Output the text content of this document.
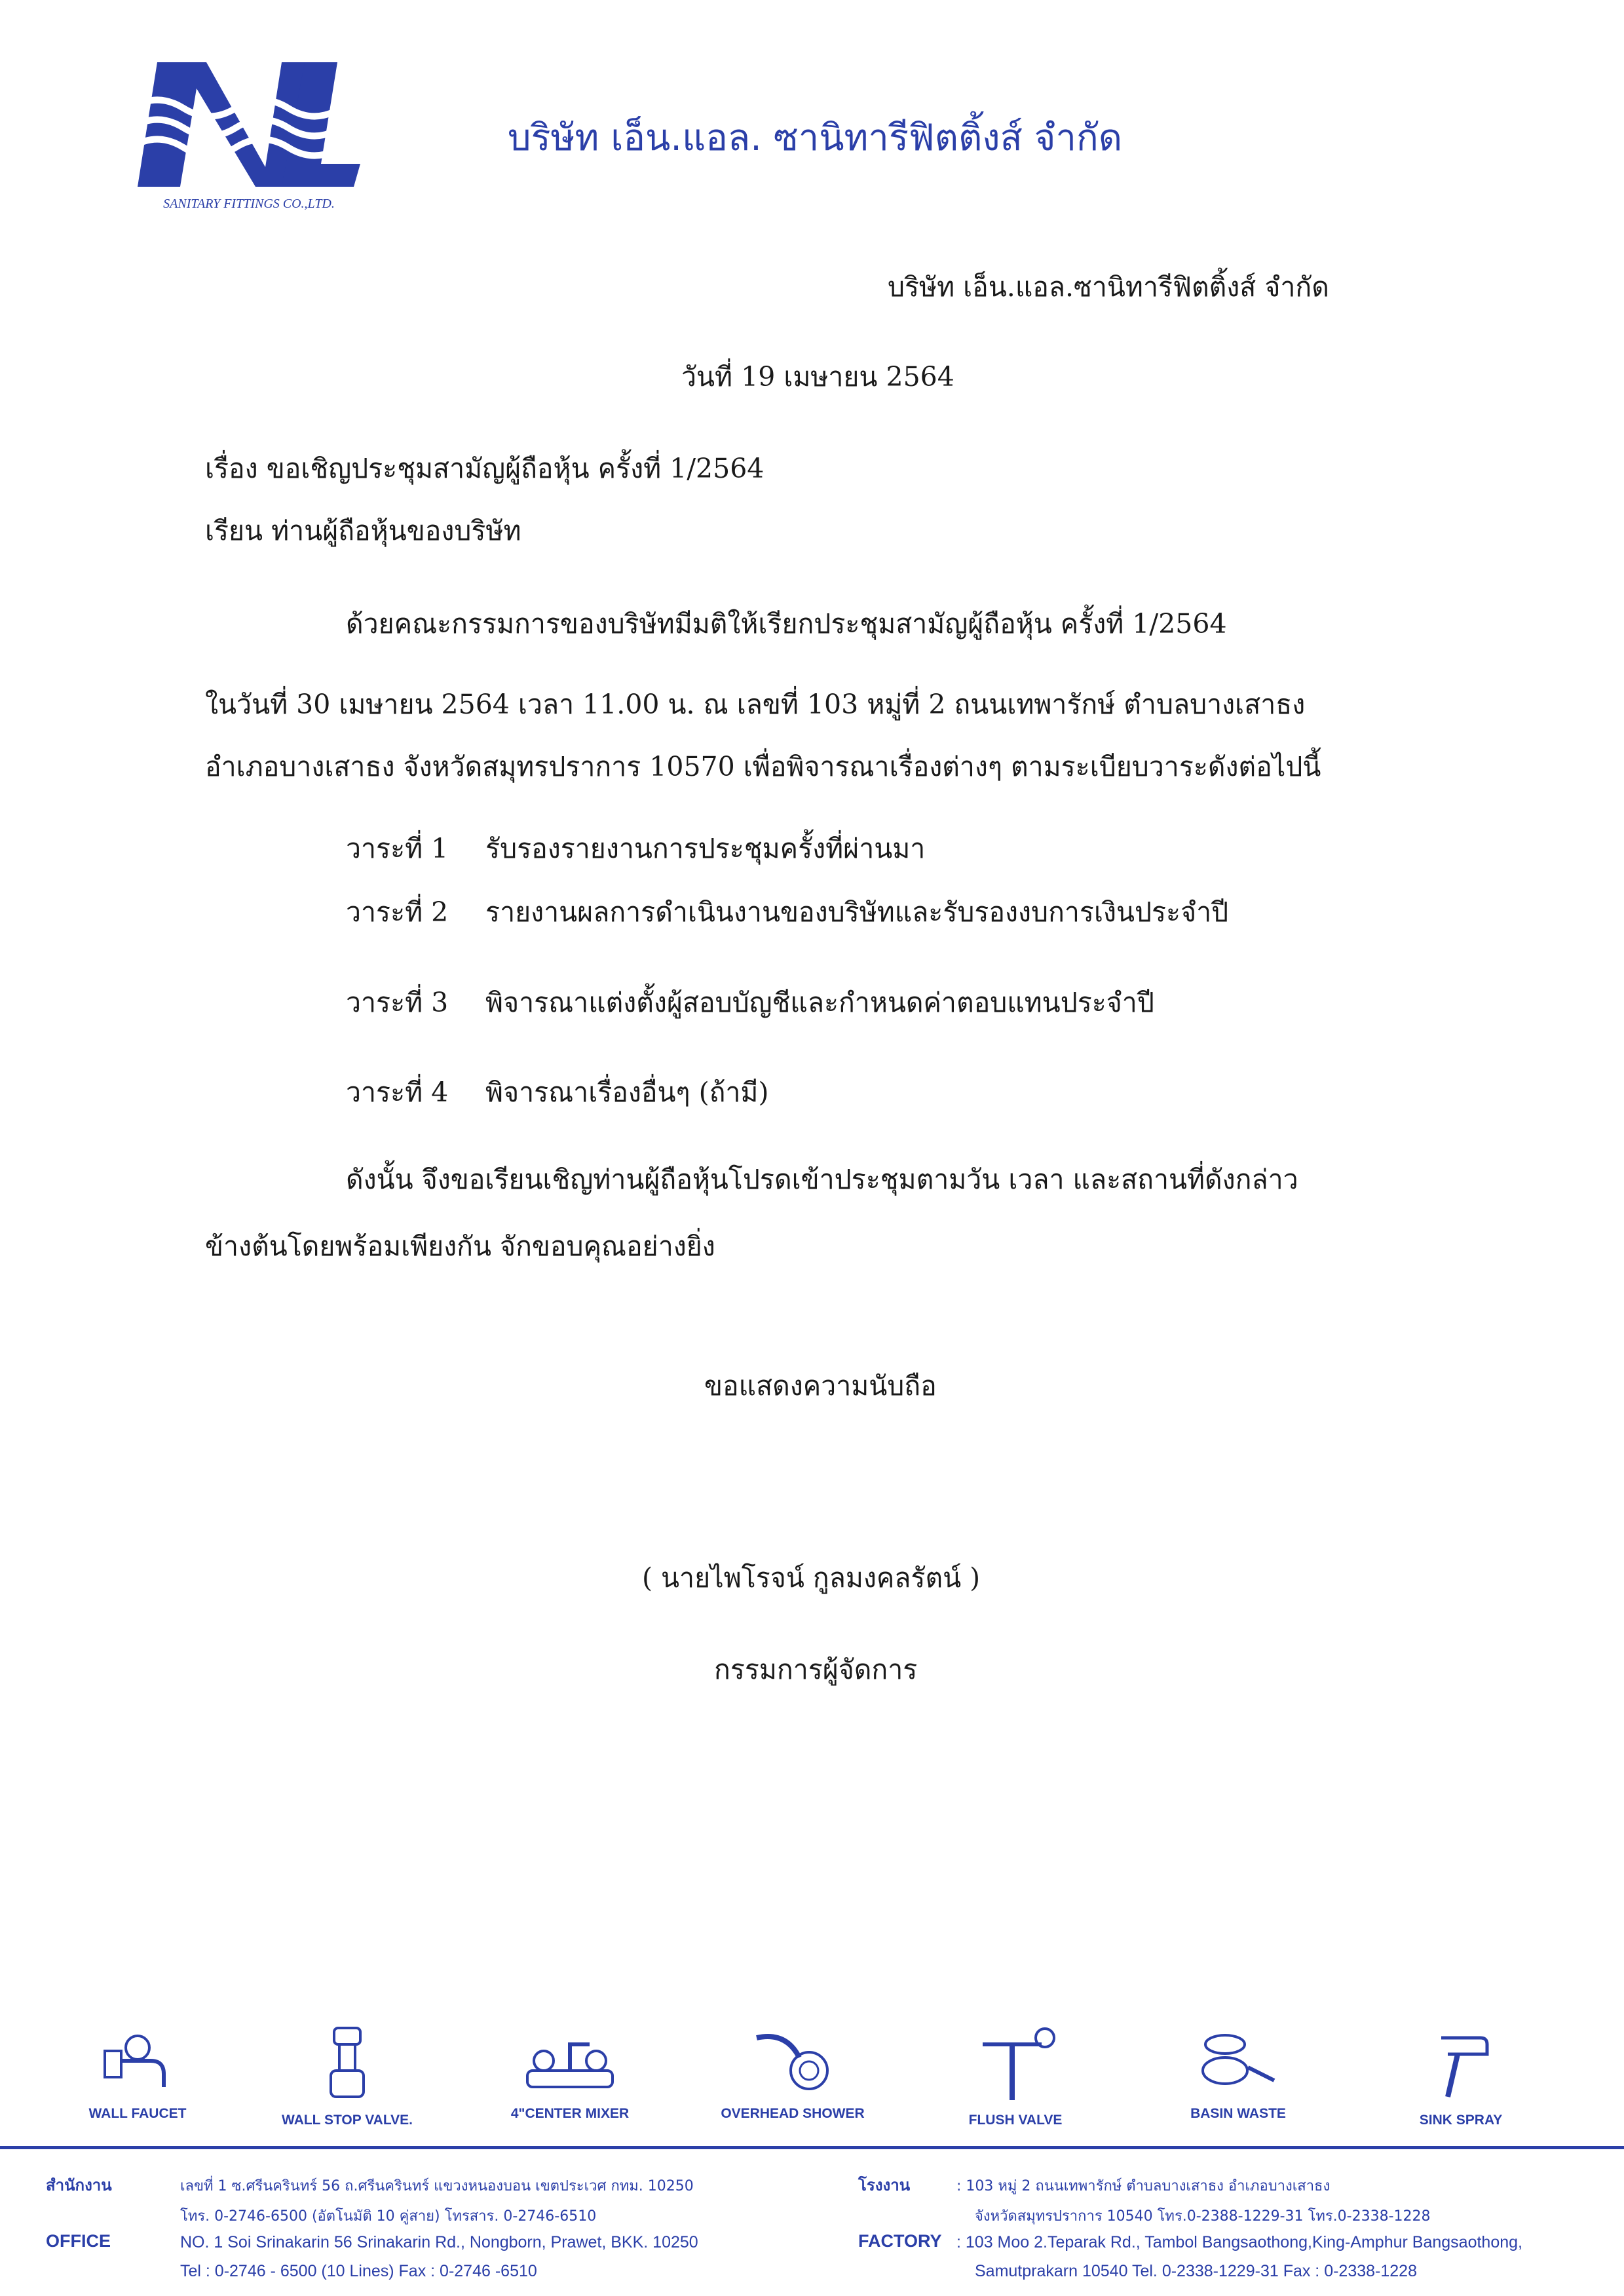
SANITARY FITTINGS CO.,LTD.
บริษัท เอ็น.แอล. ซานิทารีฟิตติ้งส์ จำกัด
บริษัท เอ็น.แอล.ซานิทารีฟิตติ้งส์ จำกัด
วันที่ 19 เมษายน 2564
เรื่อง ขอเชิญประชุมสามัญผู้ถือหุ้น ครั้งที่ 1/2564
เรียน ท่านผู้ถือหุ้นของบริษัท
ด้วยคณะกรรมการของบริษัทมีมติให้เรียกประชุมสามัญผู้ถือหุ้น ครั้งที่ 1/2564
ในวันที่ 30 เมษายน 2564 เวลา 11.00 น. ณ เลขที่ 103 หมู่ที่ 2 ถนนเทพารักษ์ ตำบลบางเสาธง
อำเภอบางเสาธง จังหวัดสมุทรปราการ 10570 เพื่อพิจารณาเรื่องต่างๆ ตามระเบียบวาระดังต่อไปนี้
วาระที่ 1 รับรองรายงานการประชุมครั้งที่ผ่านมา
วาระที่ 2 รายงานผลการดำเนินงานของบริษัทและรับรองงบการเงินประจำปี
วาระที่ 3 พิจารณาแต่งตั้งผู้สอบบัญชีและกำหนดค่าตอบแทนประจำปี
วาระที่ 4 พิจารณาเรื่องอื่นๆ (ถ้ามี)
ดังนั้น จึงขอเรียนเชิญท่านผู้ถือหุ้นโปรดเข้าประชุมตามวัน เวลา และสถานที่ดังกล่าว
ข้างต้นโดยพร้อมเพียงกัน จักขอบคุณอย่างยิ่ง
ขอแสดงความนับถือ
( นายไพโรจน์ กูลมงคลรัตน์ )
กรรมการผู้จัดการ
WALL FAUCET	WALL STOP VALVE.	4"CENTER MIXER	OVERHEAD SHOWER	FLUSH VALVE	BASIN WASTE	SINK SPRAY
สำนักงาน
OFFICE
เลขที่ 1 ซ.ศรีนครินทร์ 56 ถ.ศรีนครินทร์ แขวงหนองบอน เขตประเวศ กทม. 10250
โทร. 0-2746-6500 (อัตโนมัติ 10 คู่สาย) โทรสาร. 0-2746-6510
NO. 1 Soi Srinakarin 56 Srinakarin Rd., Nongborn, Prawet, BKK. 10250
Tel : 0-2746 - 6500 (10 Lines) Fax : 0-2746 -6510
โรงงาน
FACTORY
: 103 หมู่ 2 ถนนเทพารักษ์ ตำบลบางเสาธง อำเภอบางเสาธง
จังหวัดสมุทรปราการ 10540 โทร.0-2388-1229-31 โทร.0-2338-1228
: 103 Moo 2.Teparak Rd., Tambol Bangsaothong,King-Amphur Bangsaothong,
Samutprakarn 10540 Tel. 0-2338-1229-31 Fax : 0-2338-1228
